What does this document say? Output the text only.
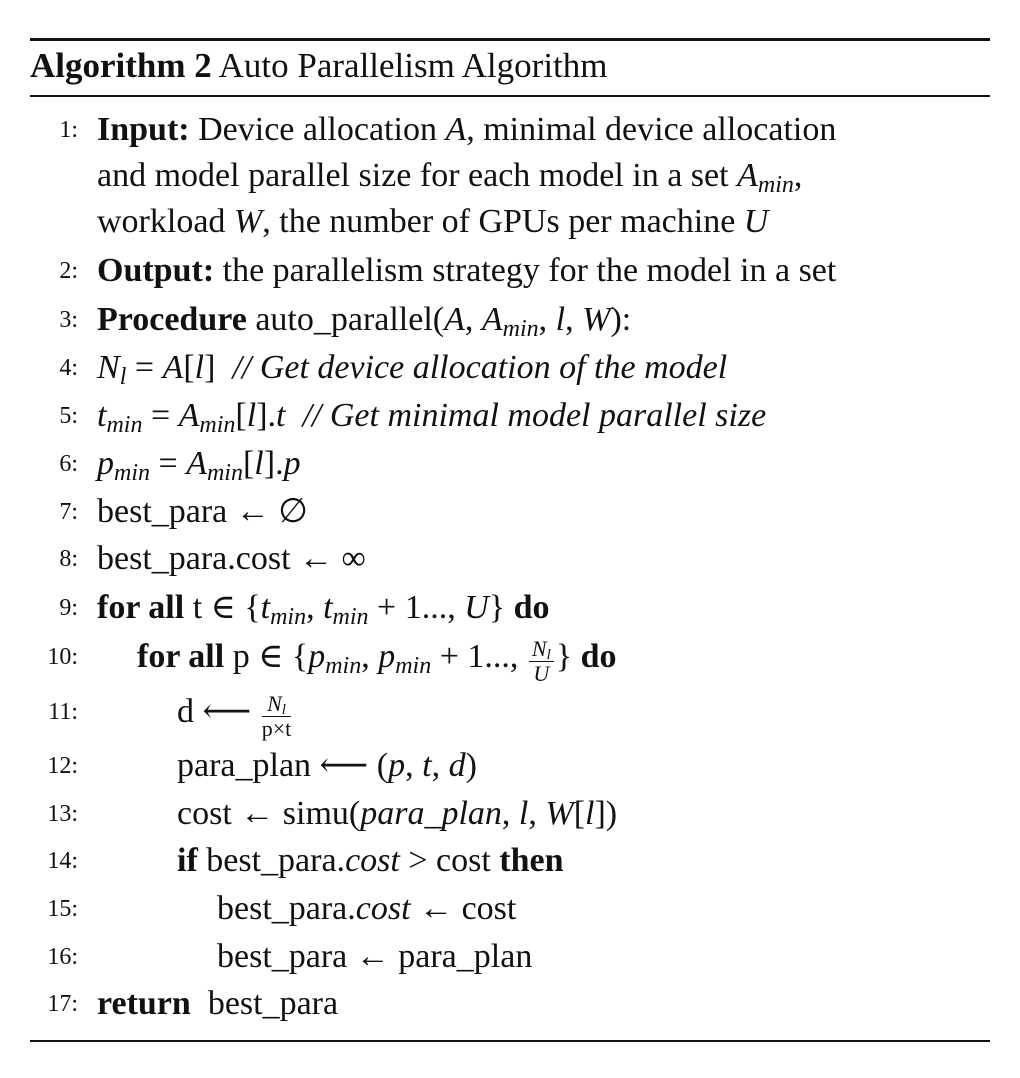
Algorithm 2 Auto Parallelism Algorithm
1: Input: Device allocation A, minimal device allocation
and model parallel size for each model in a set $A_{min}$,
workload W, the number of GPUs per machine U
2: Output: the parallelism strategy for the model in a set
3: Procedure auto_parallel(A, $A_{min}$, l, W):
4: $N_l = A[l]$  // Get device allocation of the model
5: $t_{min} = A_{min}[l].t$ // Get minimal model parallel size
6: $p_{min} = A_{min}[l].p$
7: best_para ← ∅
8: best_para.cost ← ∞
9: for all t ∈ {$t_{min}$, $t_{min} + 1$..., U} do
10: for all p ∈ {$p_{min}$, $p_{min} + 1$..., $\frac{N_l}{U}$ } do
11:	d ⟵ $\frac{N_l}{p\times t}$
12:	para_plan ⟵ (p, t, d)
13:	cost ← simu(para_plan, l, W[l])
14:	if best_para.cost > cost then
15:	best_para.cost ← cost
16:	best_para ← para_plan
17: return best_para
